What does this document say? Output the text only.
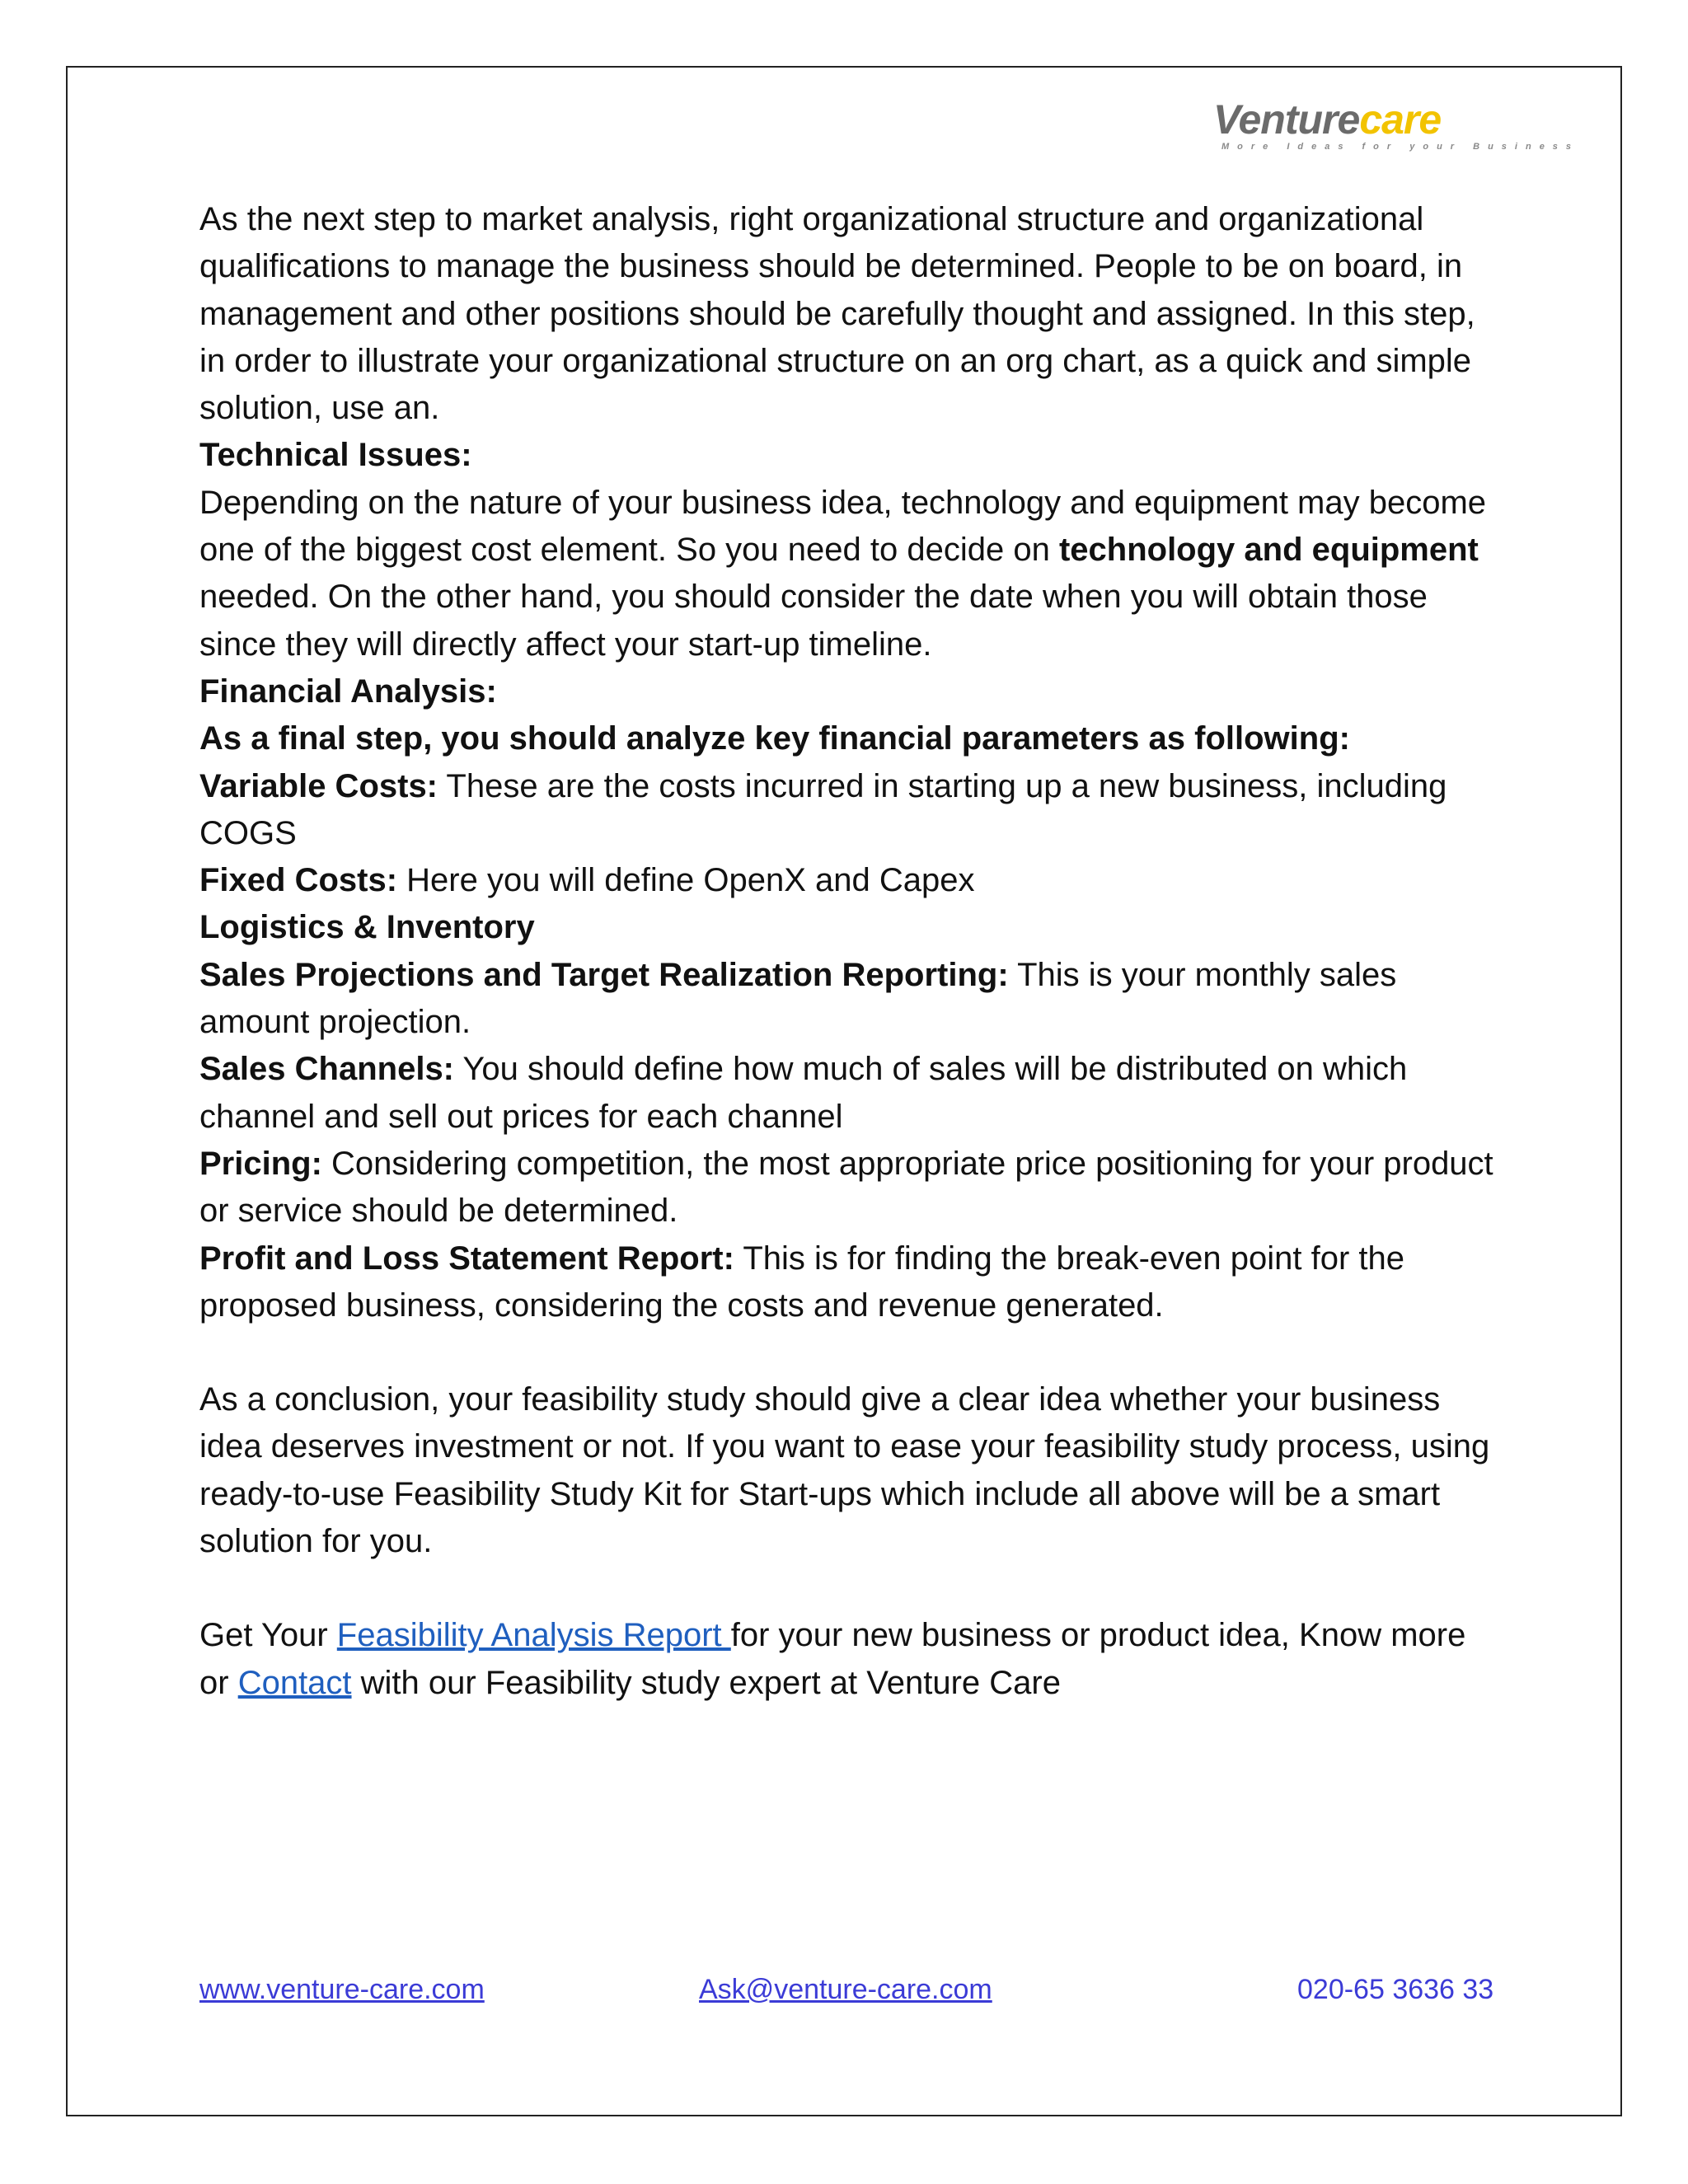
Venturecare
More Ideas for your Business

As the next step to market analysis, right organizational structure and organizational qualifications to manage the business should be determined. People to be on board, in management and other positions should be carefully thought and assigned. In this step, in order to illustrate your organizational structure on an org chart, as a quick and simple solution, use an.

Technical Issues:

Depending on the nature of your business idea, technology and equipment may become one of the biggest cost element. So you need to decide on technology and equipment needed. On the other hand, you should consider the date when you will obtain those since they will directly affect your start-up timeline.

Financial Analysis:

As a final step, you should analyze key financial parameters as following:

Variable Costs: These are the costs incurred in starting up a new business, including COGS

Fixed Costs: Here you will define OpenX and Capex

Logistics & Inventory

Sales Projections and Target Realization Reporting: This is your monthly sales amount projection.

Sales Channels: You should define how much of sales will be distributed on which channel and sell out prices for each channel

Pricing: Considering competition, the most appropriate price positioning for your product or service should be determined.

Profit and Loss Statement Report: This is for finding the break-even point for the proposed business, considering the costs and revenue generated.

As a conclusion, your feasibility study should give a clear idea whether your business idea deserves investment or not. If you want to ease your feasibility study process, using ready-to-use Feasibility Study Kit for Start-ups which include all above will be a smart solution for you.

Get Your Feasibility Analysis Report for your new business or product idea, Know more or Contact with our Feasibility study expert at Venture Care

www.venture-care.com	Ask@venture-care.com	020-65 3636 33
